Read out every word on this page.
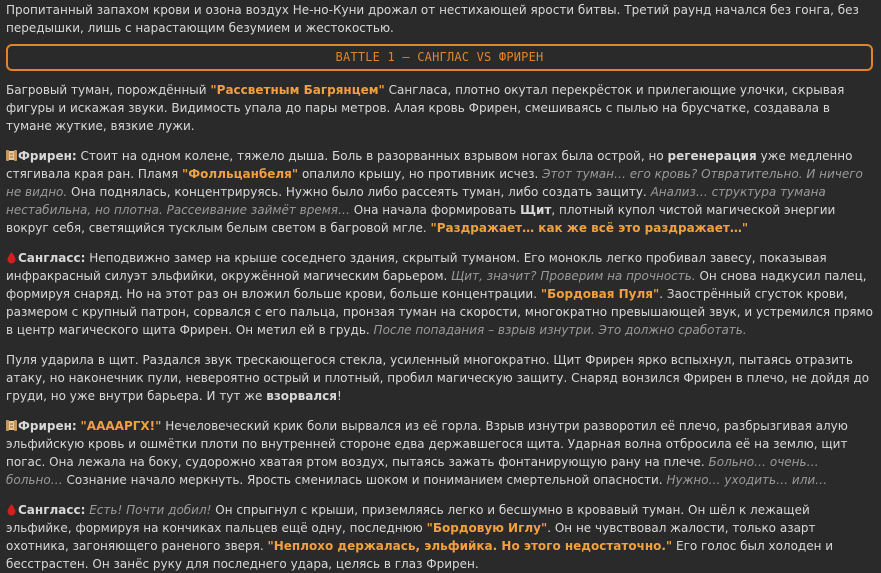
Пропитанный запахом крови и озона воздух Не-но-Куни дрожал от нестихающей ярости битвы. Третий раунд начался без гонга, без передышки, лишь с нарастающим безумием и жестокостью.

BATTLE 1 – САНГЛАС VS ФРИРЕН

Багровый туман, порождённый "Рассветным Багрянцем" Сангласа, плотно окутал перекрёсток и прилегающие улочки, скрывая фигуры и искажая звуки. Видимость упала до пары метров. Алая кровь Фрирен, смешиваясь с пылью на брусчатке, создавала в тумане жуткие, вязкие лужи.

Фрирен: Стоит на одном колене, тяжело дыша. Боль в разорванных взрывом ногах была острой, но регенерация уже медленно стягивала края ран. Пламя "Фолльцанбеля" опалило крышу, но противник исчез. Этот туман… его кровь? Отвратительно. И ничего не видно. Она поднялась, концентрируясь. Нужно было либо рассеять туман, либо создать защиту. Анализ… структура тумана нестабильна, но плотна. Рассеивание займёт время… Она начала формировать Щит, плотный купол чистой магической энергии вокруг себя, светящийся тусклым белым светом в багровой мгле. "Раздражает… как же всё это раздражает…"

Сангласс: Неподвижно замер на крыше соседнего здания, скрытый туманом. Его монокль легко пробивал завесу, показывая инфракрасный силуэт эльфийки, окружённой магическим барьером. Щит, значит? Проверим на прочность. Он снова надкусил палец, формируя снаряд. Но на этот раз он вложил больше крови, больше концентрации. "Бордовая Пуля". Заострённый сгусток крови, размером с крупный патрон, сорвался с его пальца, пронзая туман на скорости, многократно превышающей звук, и устремился прямо в центр магического щита Фрирен. Он метил ей в грудь. После попадания – взрыв изнутри. Это должно сработать.

Пуля ударила в щит. Раздался звук трескающегося стекла, усиленный многократно. Щит Фрирен ярко вспыхнул, пытаясь отразить атаку, но наконечник пули, невероятно острый и плотный, пробил магическую защиту. Снаряд вонзился Фрирен в плечо, не дойдя до груди, но уже внутри барьера. И тут же взорвался!

Фрирен: "ААААРГХ!" Нечеловеческий крик боли вырвался из её горла. Взрыв изнутри разворотил её плечо, разбрызгивая алую эльфийскую кровь и ошмётки плоти по внутренней стороне едва державшегося щита. Ударная волна отбросила её на землю, щит погас. Она лежала на боку, судорожно хватая ртом воздух, пытаясь зажать фонтанирующую рану на плече. Больно… очень… больно… Сознание начало меркнуть. Ярость сменилась шоком и пониманием смертельной опасности. Нужно… уходить… или…

Сангласс: Есть! Почти добил! Он спрыгнул с крыши, приземляясь легко и бесшумно в кровавый туман. Он шёл к лежащей эльфийке, формируя на кончиках пальцев ещё одну, последнюю "Бордовую Иглу". Он не чувствовал жалости, только азарт охотника, загоняющего раненого зверя. "Неплохо держалась, эльфийка. Но этого недостаточно." Его голос был холоден и бесстрастен. Он занёс руку для последнего удара, целясь в глаз Фрирен.
